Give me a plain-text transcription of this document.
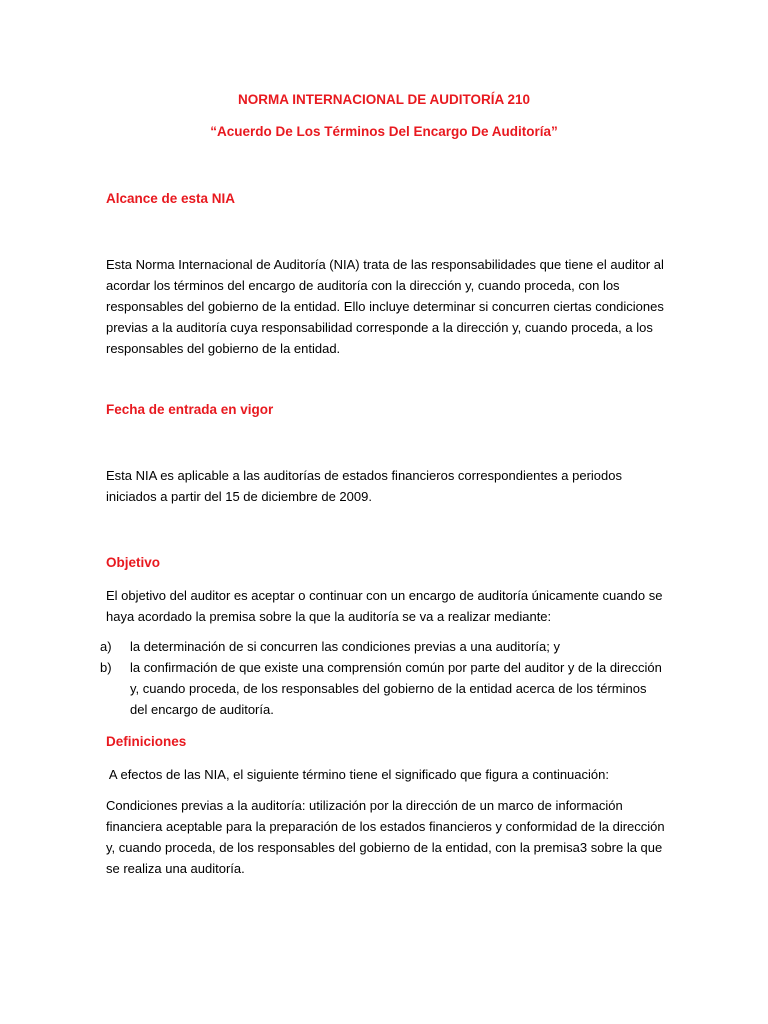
NORMA INTERNACIONAL DE AUDITORÍA 210
“Acuerdo De Los Términos Del Encargo De Auditoría”
Alcance de esta NIA
Esta Norma Internacional de Auditoría (NIA) trata de las responsabilidades que tiene el auditor al acordar los términos del encargo de auditoría con la dirección y, cuando proceda, con los responsables del gobierno de la entidad. Ello incluye determinar si concurren ciertas condiciones previas a la auditoría cuya responsabilidad corresponde a la dirección y, cuando proceda, a los responsables del gobierno de la entidad.
Fecha de entrada en vigor
Esta NIA es aplicable a las auditorías de estados financieros correspondientes a periodos iniciados a partir del 15 de diciembre de 2009.
Objetivo
El objetivo del auditor es aceptar o continuar con un encargo de auditoría únicamente cuando se haya acordado la premisa sobre la que la auditoría se va a realizar mediante:
a) la determinación de si concurren las condiciones previas a una auditoría; y
b) la confirmación de que existe una comprensión común por parte del auditor y de la dirección y, cuando proceda, de los responsables del gobierno de la entidad acerca de los términos del encargo de auditoría.
Definiciones
A efectos de las NIA, el siguiente término tiene el significado que figura a continuación:
Condiciones previas a la auditoría: utilización por la dirección de un marco de información financiera aceptable para la preparación de los estados financieros y conformidad de la dirección y, cuando proceda, de los responsables del gobierno de la entidad, con la premisa3 sobre la que se realiza una auditoría.
